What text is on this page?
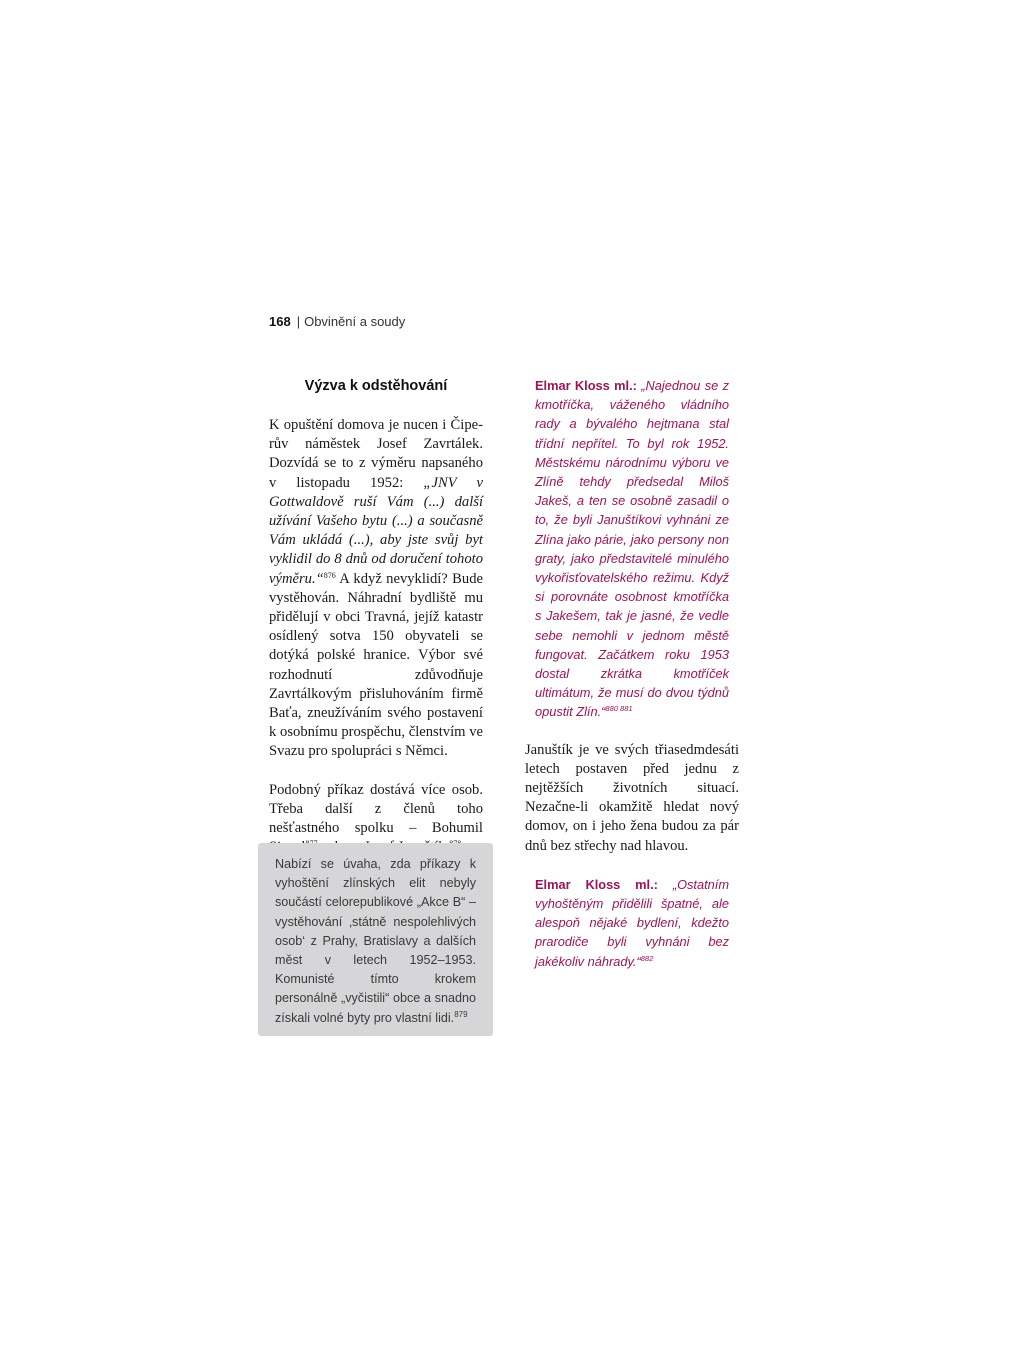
168 | Obvinění a soudy
Výzva k odstěhování

K opuštění domova je nucen i Čiperův náměstek Josef Zavrtálek. Dozvídá se to z výměru napsaného v listopadu 1952: „JNV v Gottwaldově ruší Vám (...) další užívání Vašeho bytu (...) a současně Vám ukládá (...), aby jste svůj byt vyklidil do 8 dnů od doručení tohoto výměru.“$^{876}$ A když nevyklidí? Bude vystěhován. Náhradní bydliště mu přidělují v obci Travná, jejíž katastr osídlený sotva 150 obyvateli se dotýká polské hranice. Výbor své rozhodnutí zdůvodňuje Zavrtálkovým přisluhováním firmě Baťa, zneužíváním svého postavení k osobnímu prospěchu, členstvím ve Svazu pro spolupráci s Němci.

Podobný příkaz dostává více osob. Třeba další z členů toho nešťastného spolku – Bohumil

Nabízí se úvaha, zda příkazy k vyhoštění zlínských elit nebyly součástí celorepublikové „Akce B“ – vystěhování ‚státně nespolehlivých osob‘ z Prahy, Bratislavy a dalších měst v letech 1952–1953. Komunisté tímto krokem personálně „vyčistili“ obce a snadno získali volné byty pro vlastní lidi.$^{879}$

Elmar Kloss ml.: „Najednou se z kmotříčka, váženého vládního rady a bývalého hejtmana stal třídní nepřítel. To byl rok 1952. Městskému národnímu výboru ve Zlíně tehdy předsedal Miloš Jakeš, a ten se osobně zasadil o to, že byli Januštíkovi vyhnáni ze Zlína jako párie, jako persony non graty, jako představitelé minulého vykořisťovatelského režimu. Když si porovnáte osobnost kmotříčka s Jakešem, tak je jasné, že vedle sebe nemohli v jednom městě fungovat. Začátkem roku 1953 dostal zkrátka kmotříček ultimátum, že musí do dvou týdnů opustit Zlín.“$^{880 881}$

Januštík je ve svých třiasedmdesáti letech postaven před jednu z nejtěžších životních situací. Nezačne-li okamžitě hledat nový domov, on i jeho žena budou za pár dnů bez střechy nad hlavou.

Elmar Kloss ml.: „Ostatním vyhoštěným přidělili špatné, ale alespoň nějaké bydlení, kdežto prarodiče byli vyhnáni bez jakékoliv náhrady.“$^{882}$
